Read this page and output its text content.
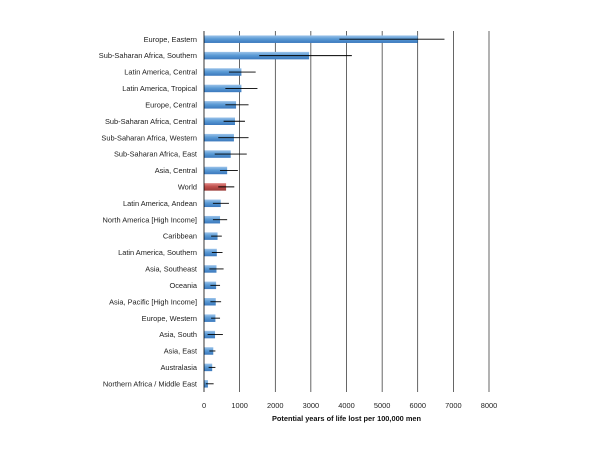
Europe, Eastern
Sub-Saharan Africa, Southern
Latin America, Central
Latin America, Tropical
Europe, Central
Sub-Saharan Africa, Central
Sub-Saharan Africa, Western
Sub-Saharan Africa, East
Asia, Central
World
Latin America, Andean
North America [High Income]
Caribbean
Latin America, Southern
Asia, Southeast
Oceania
Asia, Pacific [High Income]
Europe, Western
Asia, South
Asia, East
Australasia
Northern Africa / Middle East
0	1000	2000	3000	4000	5000	6000	7000	8000
Potential years of life lost per 100,000 men
